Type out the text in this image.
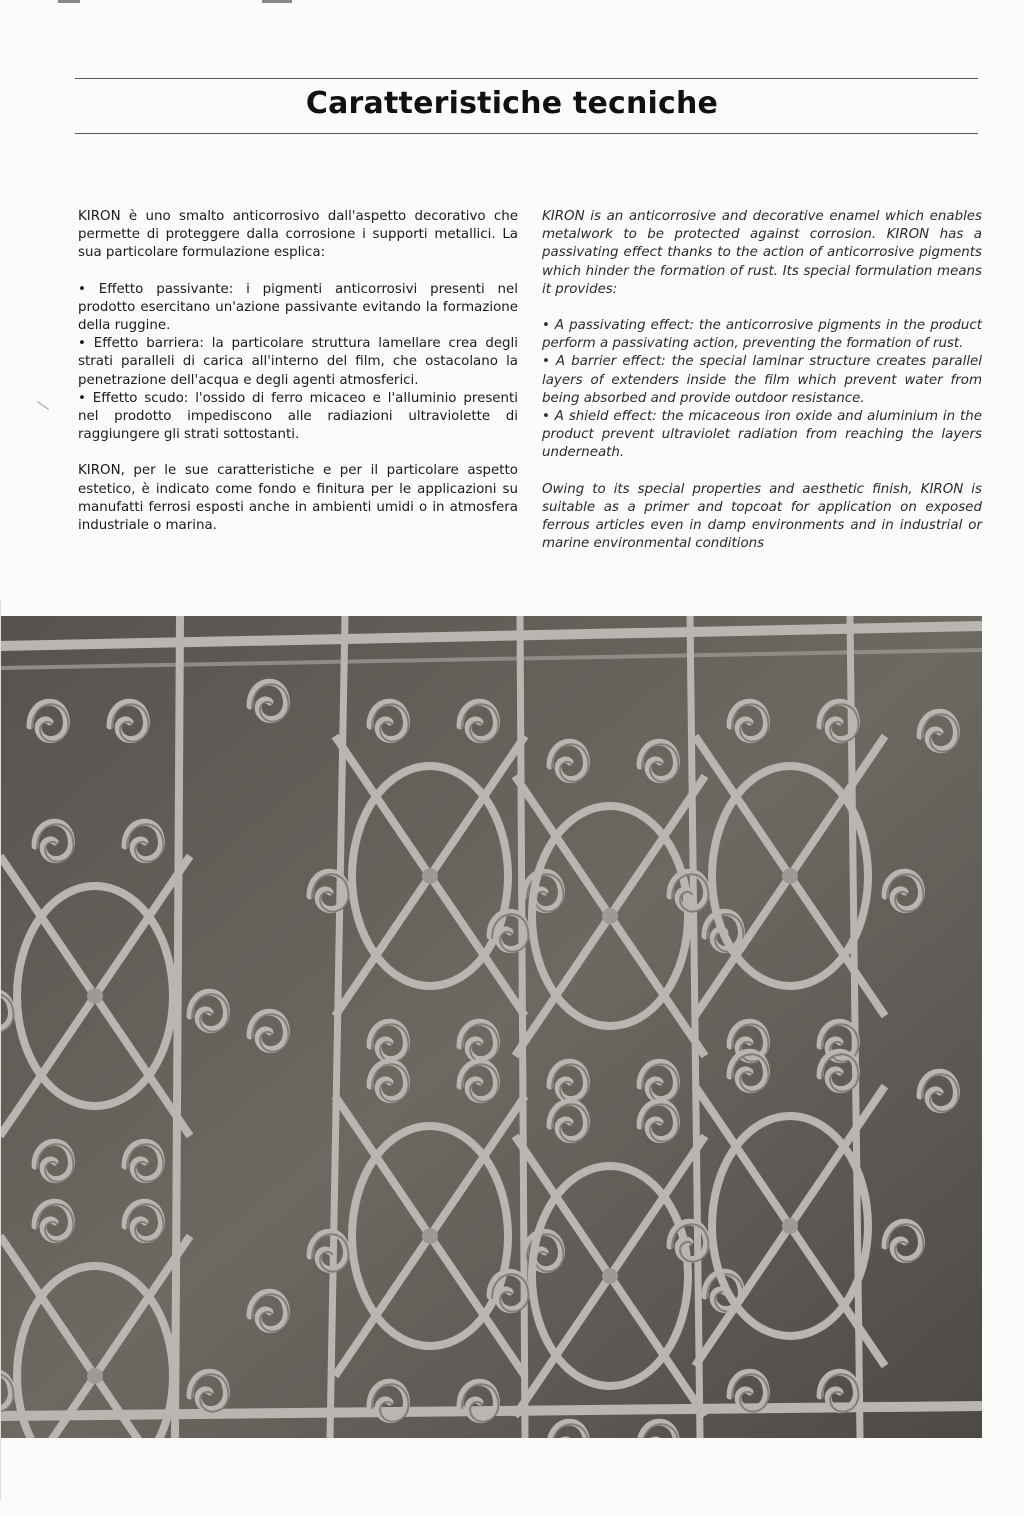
Caratteristiche tecniche

KIRON è uno smalto anticorrosivo dall'aspetto decorativo che permette di proteggere dalla corrosione i supporti metallici. La sua particolare formulazione esplica:

• Effetto passivante: i pigmenti anticorrosivi presenti nel prodotto esercitano un'azione passivante evitando la formazione della ruggine.

• Effetto barriera: la particolare struttura lamellare crea degli strati paralleli di carica all'interno del film, che ostacolano la penetrazione dell'acqua e degli agenti atmosferici.

• Effetto scudo: l'ossido di ferro micaceo e l'alluminio presenti nel prodotto impediscono alle radiazioni ultraviolette di raggiungere gli strati sottostanti.

KIRON, per le sue caratteristiche e per il particolare aspetto estetico, è indicato come fondo e finitura per le applicazioni su manufatti ferrosi esposti anche in ambienti umidi o in atmosfera industriale o marina.

KIRON is an anticorrosive and decorative enamel which enables metalwork to be protected against corrosion. KIRON has a passivating effect thanks to the action of anticorrosive pigments which hinder the formation of rust. Its special formulation means it provides:

• A passivating effect: the anticorrosive pigments in the product perform a passivating action, preventing the formation of rust.

• A barrier effect: the special laminar structure creates parallel layers of extenders inside the film which prevent water from being absorbed and provide outdoor resistance.

• A shield effect: the micaceous iron oxide and aluminium in the product prevent ultraviolet radiation from reaching the layers underneath.

Owing to its special properties and aesthetic finish, KIRON is suitable as a primer and topcoat for application on exposed ferrous articles even in damp environments and in industrial or marine environmental conditions
